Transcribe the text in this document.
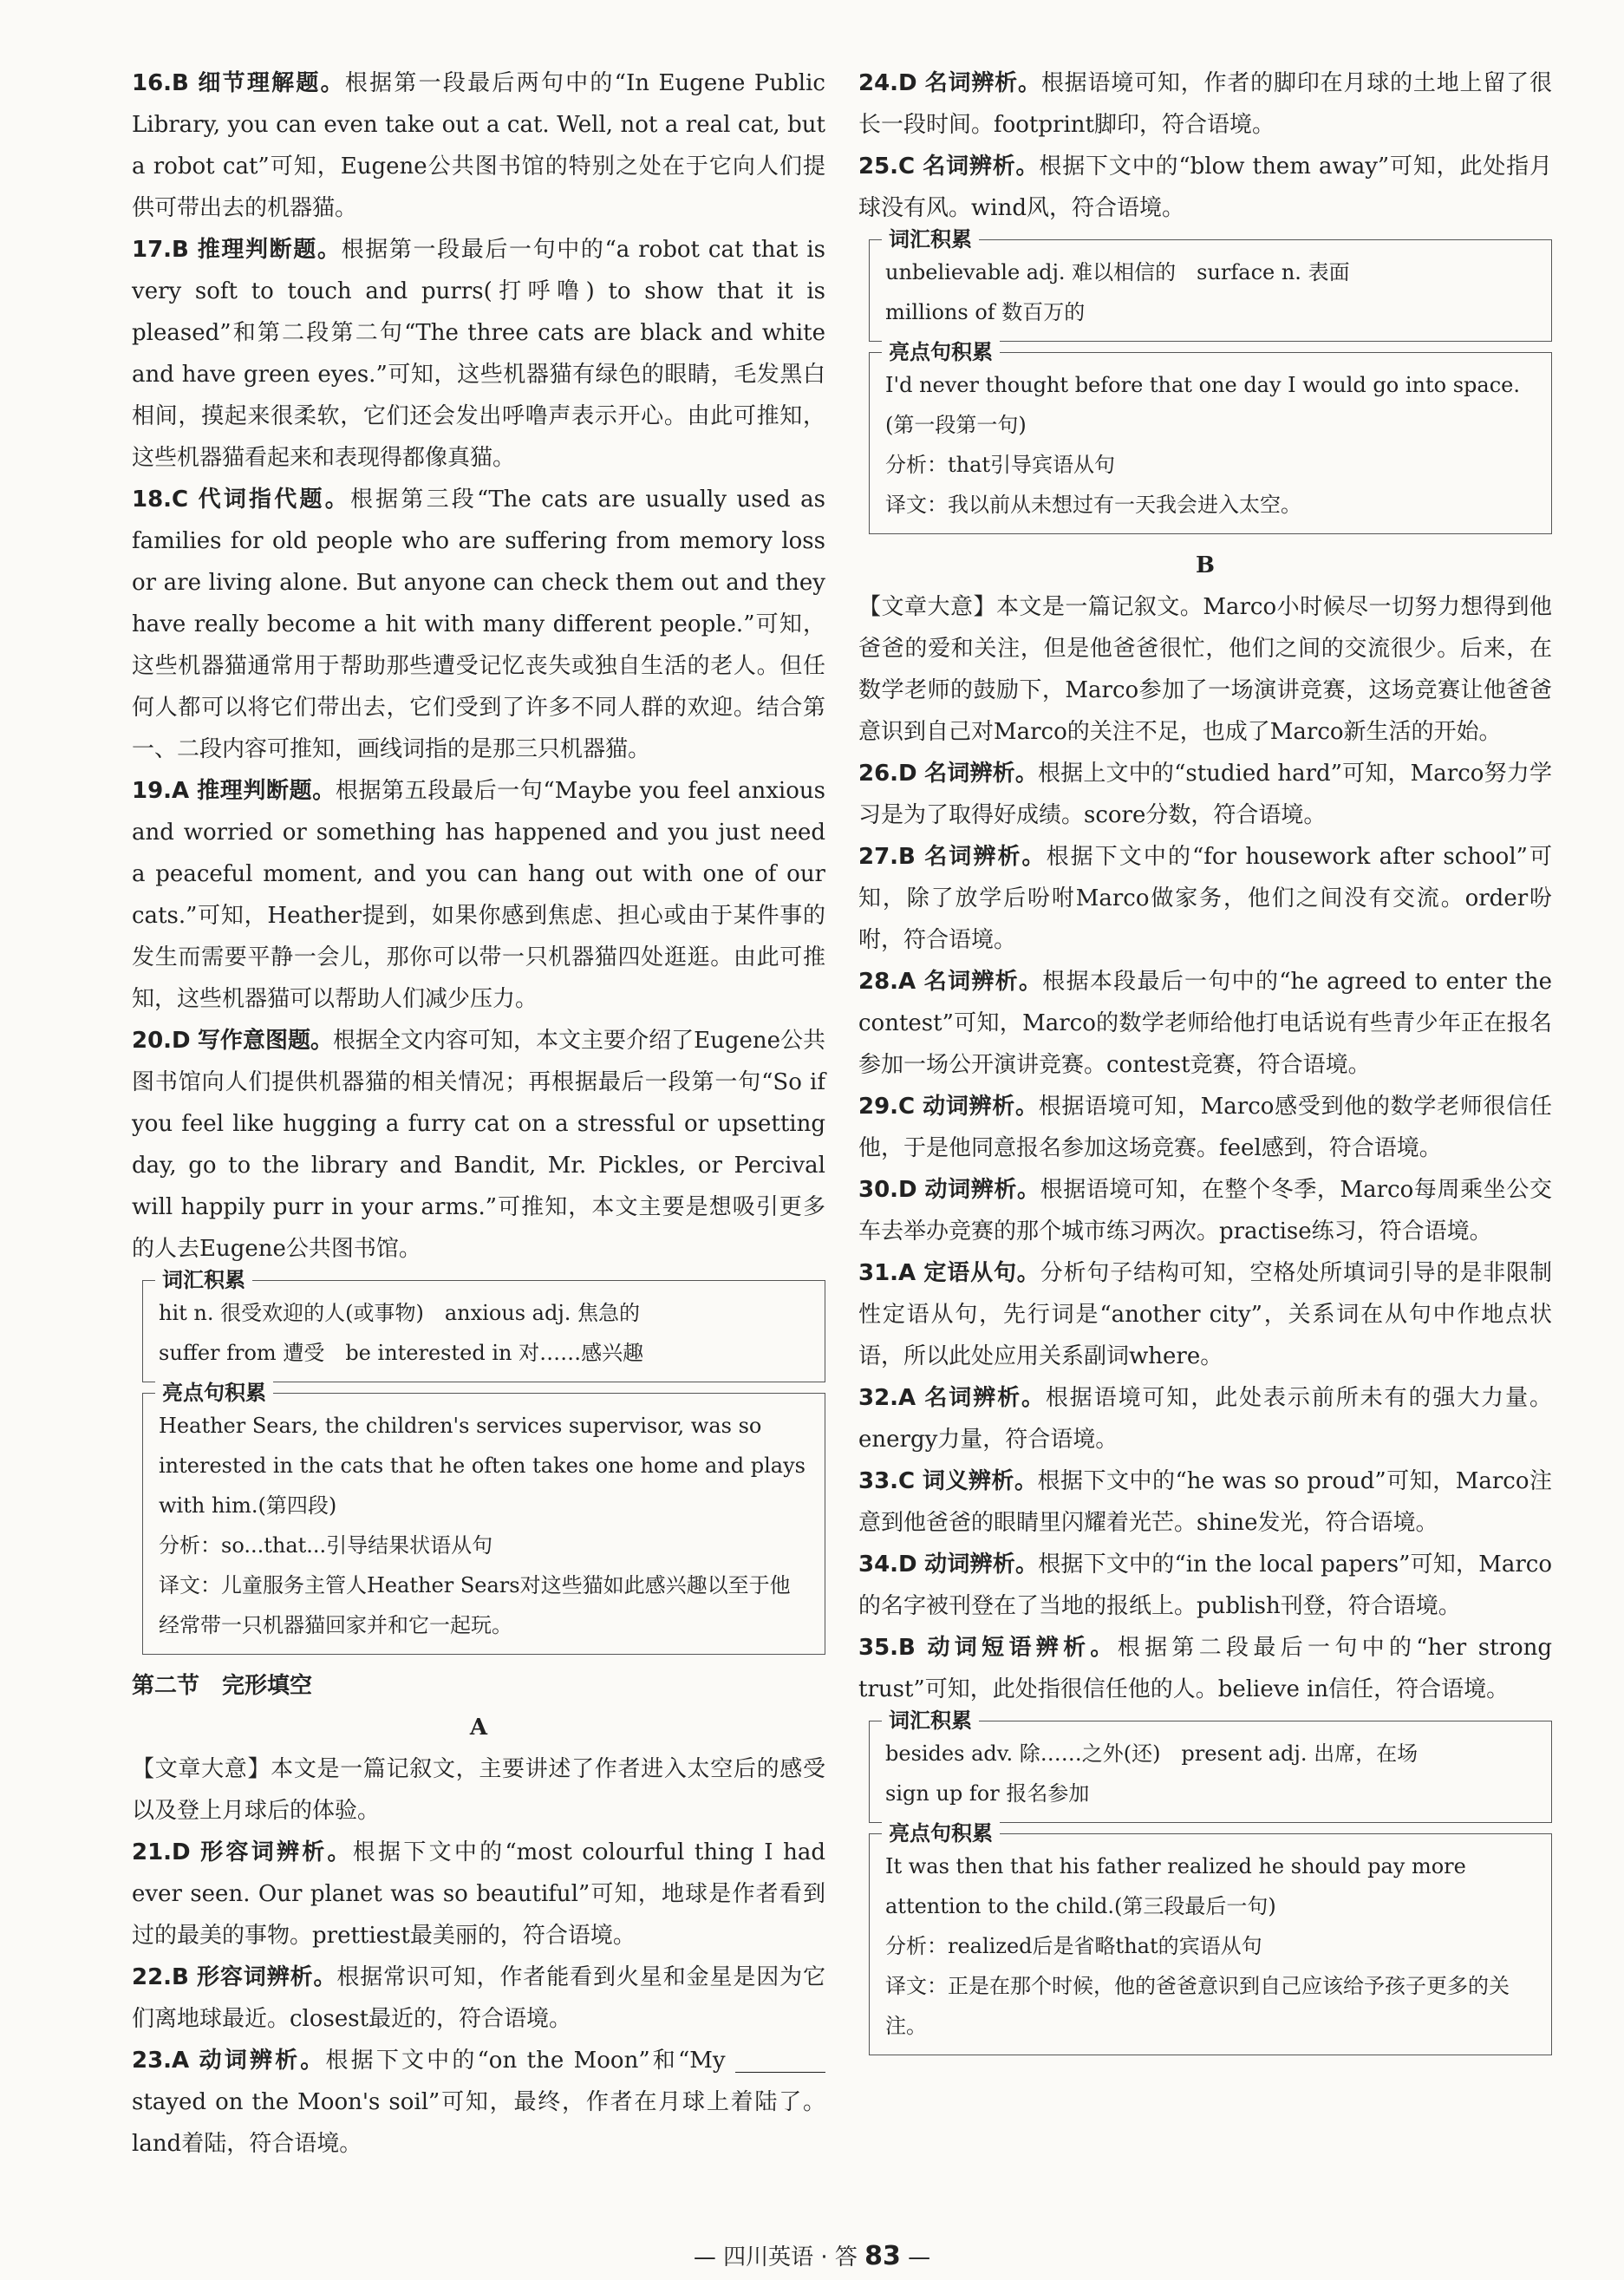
16.B 细节理解题。根据第一段最后两句中的“In Eugene Public Library, you can even take out a cat. Well, not a real cat, but a robot cat”可知，Eugene公共图书馆的特别之处在于它向人们提供可带出去的机器猫。

17.B 推理判断题。根据第一段最后一句中的“a robot cat that is very soft to touch and purrs(打呼噜) to show that it is pleased”和第二段第二句“The three cats are black and white and have green eyes.”可知，这些机器猫有绿色的眼睛，毛发黑白相间，摸起来很柔软，它们还会发出呼噜声表示开心。由此可推知，这些机器猫看起来和表现得都像真猫。

18.C 代词指代题。根据第三段“The cats are usually used as families for old people who are suffering from memory loss or are living alone. But anyone can check them out and they have really become a hit with many different people.”可知，这些机器猫通常用于帮助那些遭受记忆丧失或独自生活的老人。但任何人都可以将它们带出去，它们受到了许多不同人群的欢迎。结合第一、二段内容可推知，画线词指的是那三只机器猫。

19.A 推理判断题。根据第五段最后一句“Maybe you feel anxious and worried or something has happened and you just need a peaceful moment, and you can hang out with one of our cats.”可知，Heather提到，如果你感到焦虑、担心或由于某件事的发生而需要平静一会儿，那你可以带一只机器猫四处逛逛。由此可推知，这些机器猫可以帮助人们减少压力。

20.D 写作意图题。根据全文内容可知，本文主要介绍了Eugene公共图书馆向人们提供机器猫的相关情况；再根据最后一段第一句“So if you feel like hugging a furry cat on a stressful or upsetting day, go to the library and Bandit, Mr. Pickles, or Percival will happily purr in your arms.”可推知，本文主要是想吸引更多的人去Eugene公共图书馆。

词汇积累
hit n. 很受欢迎的人(或事物)　anxious adj. 焦急的
suffer from 遭受　be interested in 对……感兴趣
亮点句积累
Heather Sears, the children's services supervisor, was so interested in the cats that he often takes one home and plays with him.(第四段)
分析：so...that...引导结果状语从句
译文：儿童服务主管人Heather Sears对这些猫如此感兴趣以至于他经常带一只机器猫回家并和它一起玩。
第二节　完形填空
A

【文章大意】本文是一篇记叙文，主要讲述了作者进入太空后的感受以及登上月球后的体验。

21.D 形容词辨析。根据下文中的“most colourful thing I had ever seen. Our planet was so beautiful”可知，地球是作者看到过的最美的事物。prettiest最美丽的，符合语境。

22.B 形容词辨析。根据常识可知，作者能看到火星和金星是因为它们离地球最近。closest最近的，符合语境。

23.A 动词辨析。根据下文中的“on the Moon”和“My ________ stayed on the Moon's soil”可知，最终，作者在月球上着陆了。land着陆，符合语境。

24.D 名词辨析。根据语境可知，作者的脚印在月球的土地上留了很长一段时间。footprint脚印，符合语境。

25.C 名词辨析。根据下文中的“blow them away”可知，此处指月球没有风。wind风，符合语境。

词汇积累
unbelievable adj. 难以相信的　surface n. 表面
millions of 数百万的
亮点句积累
I'd never thought before that one day I would go into space.(第一段第一句)
分析：that引导宾语从句
译文：我以前从未想过有一天我会进入太空。
B

【文章大意】本文是一篇记叙文。Marco小时候尽一切努力想得到他爸爸的爱和关注，但是他爸爸很忙，他们之间的交流很少。后来，在数学老师的鼓励下，Marco参加了一场演讲竞赛，这场竞赛让他爸爸意识到自己对Marco的关注不足，也成了Marco新生活的开始。

26.D 名词辨析。根据上文中的“studied hard”可知，Marco努力学习是为了取得好成绩。score分数，符合语境。

27.B 名词辨析。根据下文中的“for housework after school”可知，除了放学后吩咐Marco做家务，他们之间没有交流。order吩咐，符合语境。

28.A 名词辨析。根据本段最后一句中的“he agreed to enter the contest”可知，Marco的数学老师给他打电话说有些青少年正在报名参加一场公开演讲竞赛。contest竞赛，符合语境。

29.C 动词辨析。根据语境可知，Marco感受到他的数学老师很信任他，于是他同意报名参加这场竞赛。feel感到，符合语境。

30.D 动词辨析。根据语境可知，在整个冬季，Marco每周乘坐公交车去举办竞赛的那个城市练习两次。practise练习，符合语境。

31.A 定语从句。分析句子结构可知，空格处所填词引导的是非限制性定语从句，先行词是“another city”，关系词在从句中作地点状语，所以此处应用关系副词where。

32.A 名词辨析。根据语境可知，此处表示前所未有的强大力量。energy力量，符合语境。

33.C 词义辨析。根据下文中的“he was so proud”可知，Marco注意到他爸爸的眼睛里闪耀着光芒。shine发光，符合语境。

34.D 动词辨析。根据下文中的“in the local papers”可知，Marco的名字被刊登在了当地的报纸上。publish刊登，符合语境。

35.B 动词短语辨析。根据第二段最后一句中的“her strong trust”可知，此处指很信任他的人。believe in信任，符合语境。

词汇积累
besides adv. 除……之外(还)　present adj. 出席，在场
sign up for 报名参加
亮点句积累
It was then that his father realized he should pay more attention to the child.(第三段最后一句)
分析：realized后是省略that的宾语从句
译文：正是在那个时候，他的爸爸意识到自己应该给予孩子更多的关注。
— 四川英语 · 答 83 —
